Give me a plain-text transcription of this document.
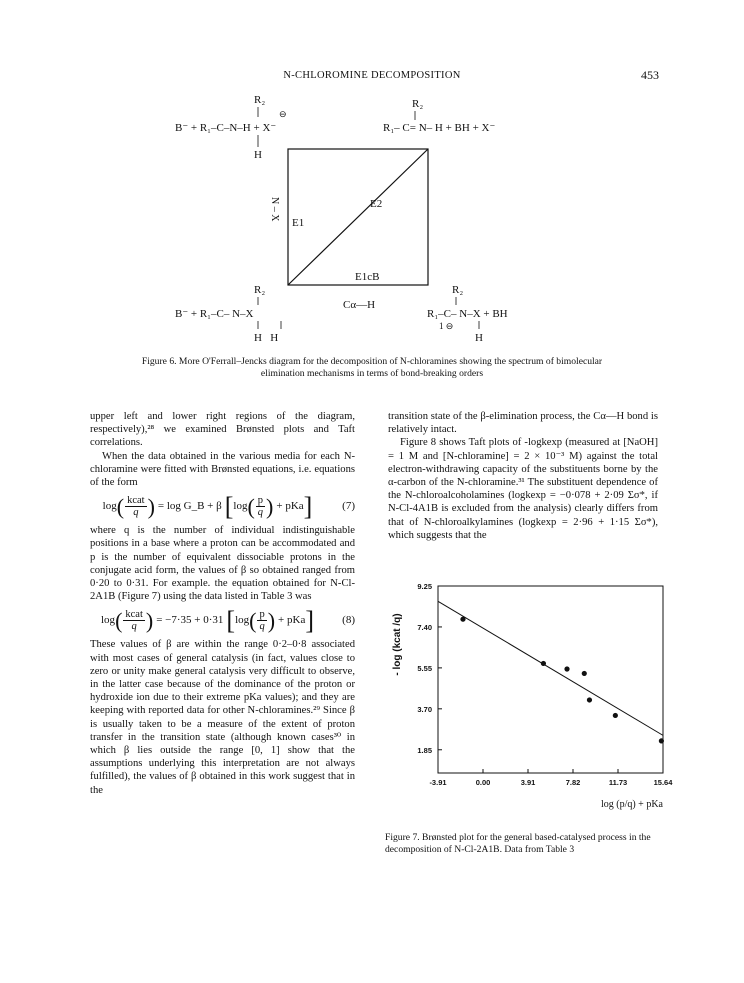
N-CHLOROMINE DECOMPOSITION	453
R₂
⊖
B⁻ + R₁–C–N–H + X⁻
H
R₂
R₁– C= N– H + BH + X⁻
N – X	E2
E1
E1cB
Cα—H
R₂
B⁻ + R₁–C– N–X
H   H
R₂
R₁–C– N–X + BH
1 ⊖
H
Figure 6. More O'Ferrall–Jencks diagram for the decomposition of N-chloramines showing the spectrum of bimolecular elimination mechanisms in terms of bond-breaking orders

upper left and lower right regions of the diagram, respectively),²⁸ we examined Brønsted plots and Taft correlations.

When the data obtained in the various media for each N-chloramine were fitted with Brønsted equations, i.e. equations of the form

log ( $\frac{\text{kcat}}{q}$ ) = log G_B + β [ log ( $\frac{p}{q}$ ) + pKa ]	(7)

where q is the number of individual indistinguishable positions in a base where a proton can be accommodated and p is the number of equivalent dissociable protons in the conjugate acid form, the values of β so obtained ranged from 0·20 to 0·31. For example. the equation obtained for N-Cl-2A1B (Figure 7) using the data listed in Table 3 was

log ( $\frac{\text{kcat}}{q}$ ) = −7·35 + 0·31 [ log ( $\frac{p}{q}$ ) + pKa ]	(8)

These values of β are within the range 0·2–0·8 associated with most cases of general catalysis (in fact, values close to zero or unity make general catalysis very difficult to observe, in the latter case because of the dominance of the proton or hydroxide ion due to their extreme pKa values); and they are keeping with reported data for other N-chloramines.²⁹ Since β is usually taken to be a measure of the extent of proton transfer in the transition state (although known cases³⁰ in which β lies outside the range [0, 1] show that the assumptions underlying this interpretation are not always fulfilled), the values of β obtained in this work suggest that in the

transition state of the β-elimination process, the Cα—H bond is relatively intact.

Figure 8 shows Taft plots of -logkexp (measured at [NaOH] = 1 M and [N-chloramine] = 2 × 10⁻³ M) against the total electron-withdrawing capacity of the substituents borne by the α-carbon of the N-chloramine.³¹ The substituent dependence of the N-chloroalcoholamines (logkexp = −0·078 + 2·09 Σσ*, if N-Cl-4A1B is excluded from the analysis) clearly differs from that of N-chloroalkylamines (logkexp = 2·96 + 1·15 Σσ*), which suggests that the

-3.91	0.00	3.91	7.82	11.73	15.64
9.25
7.40
5.55
3.70
1.85
log (p/q) + pKa
- log (kcat /q)
Figure 7. Brønsted plot for the general based-catalysed process in the decomposition of N-Cl-2A1B. Data from Table 3
